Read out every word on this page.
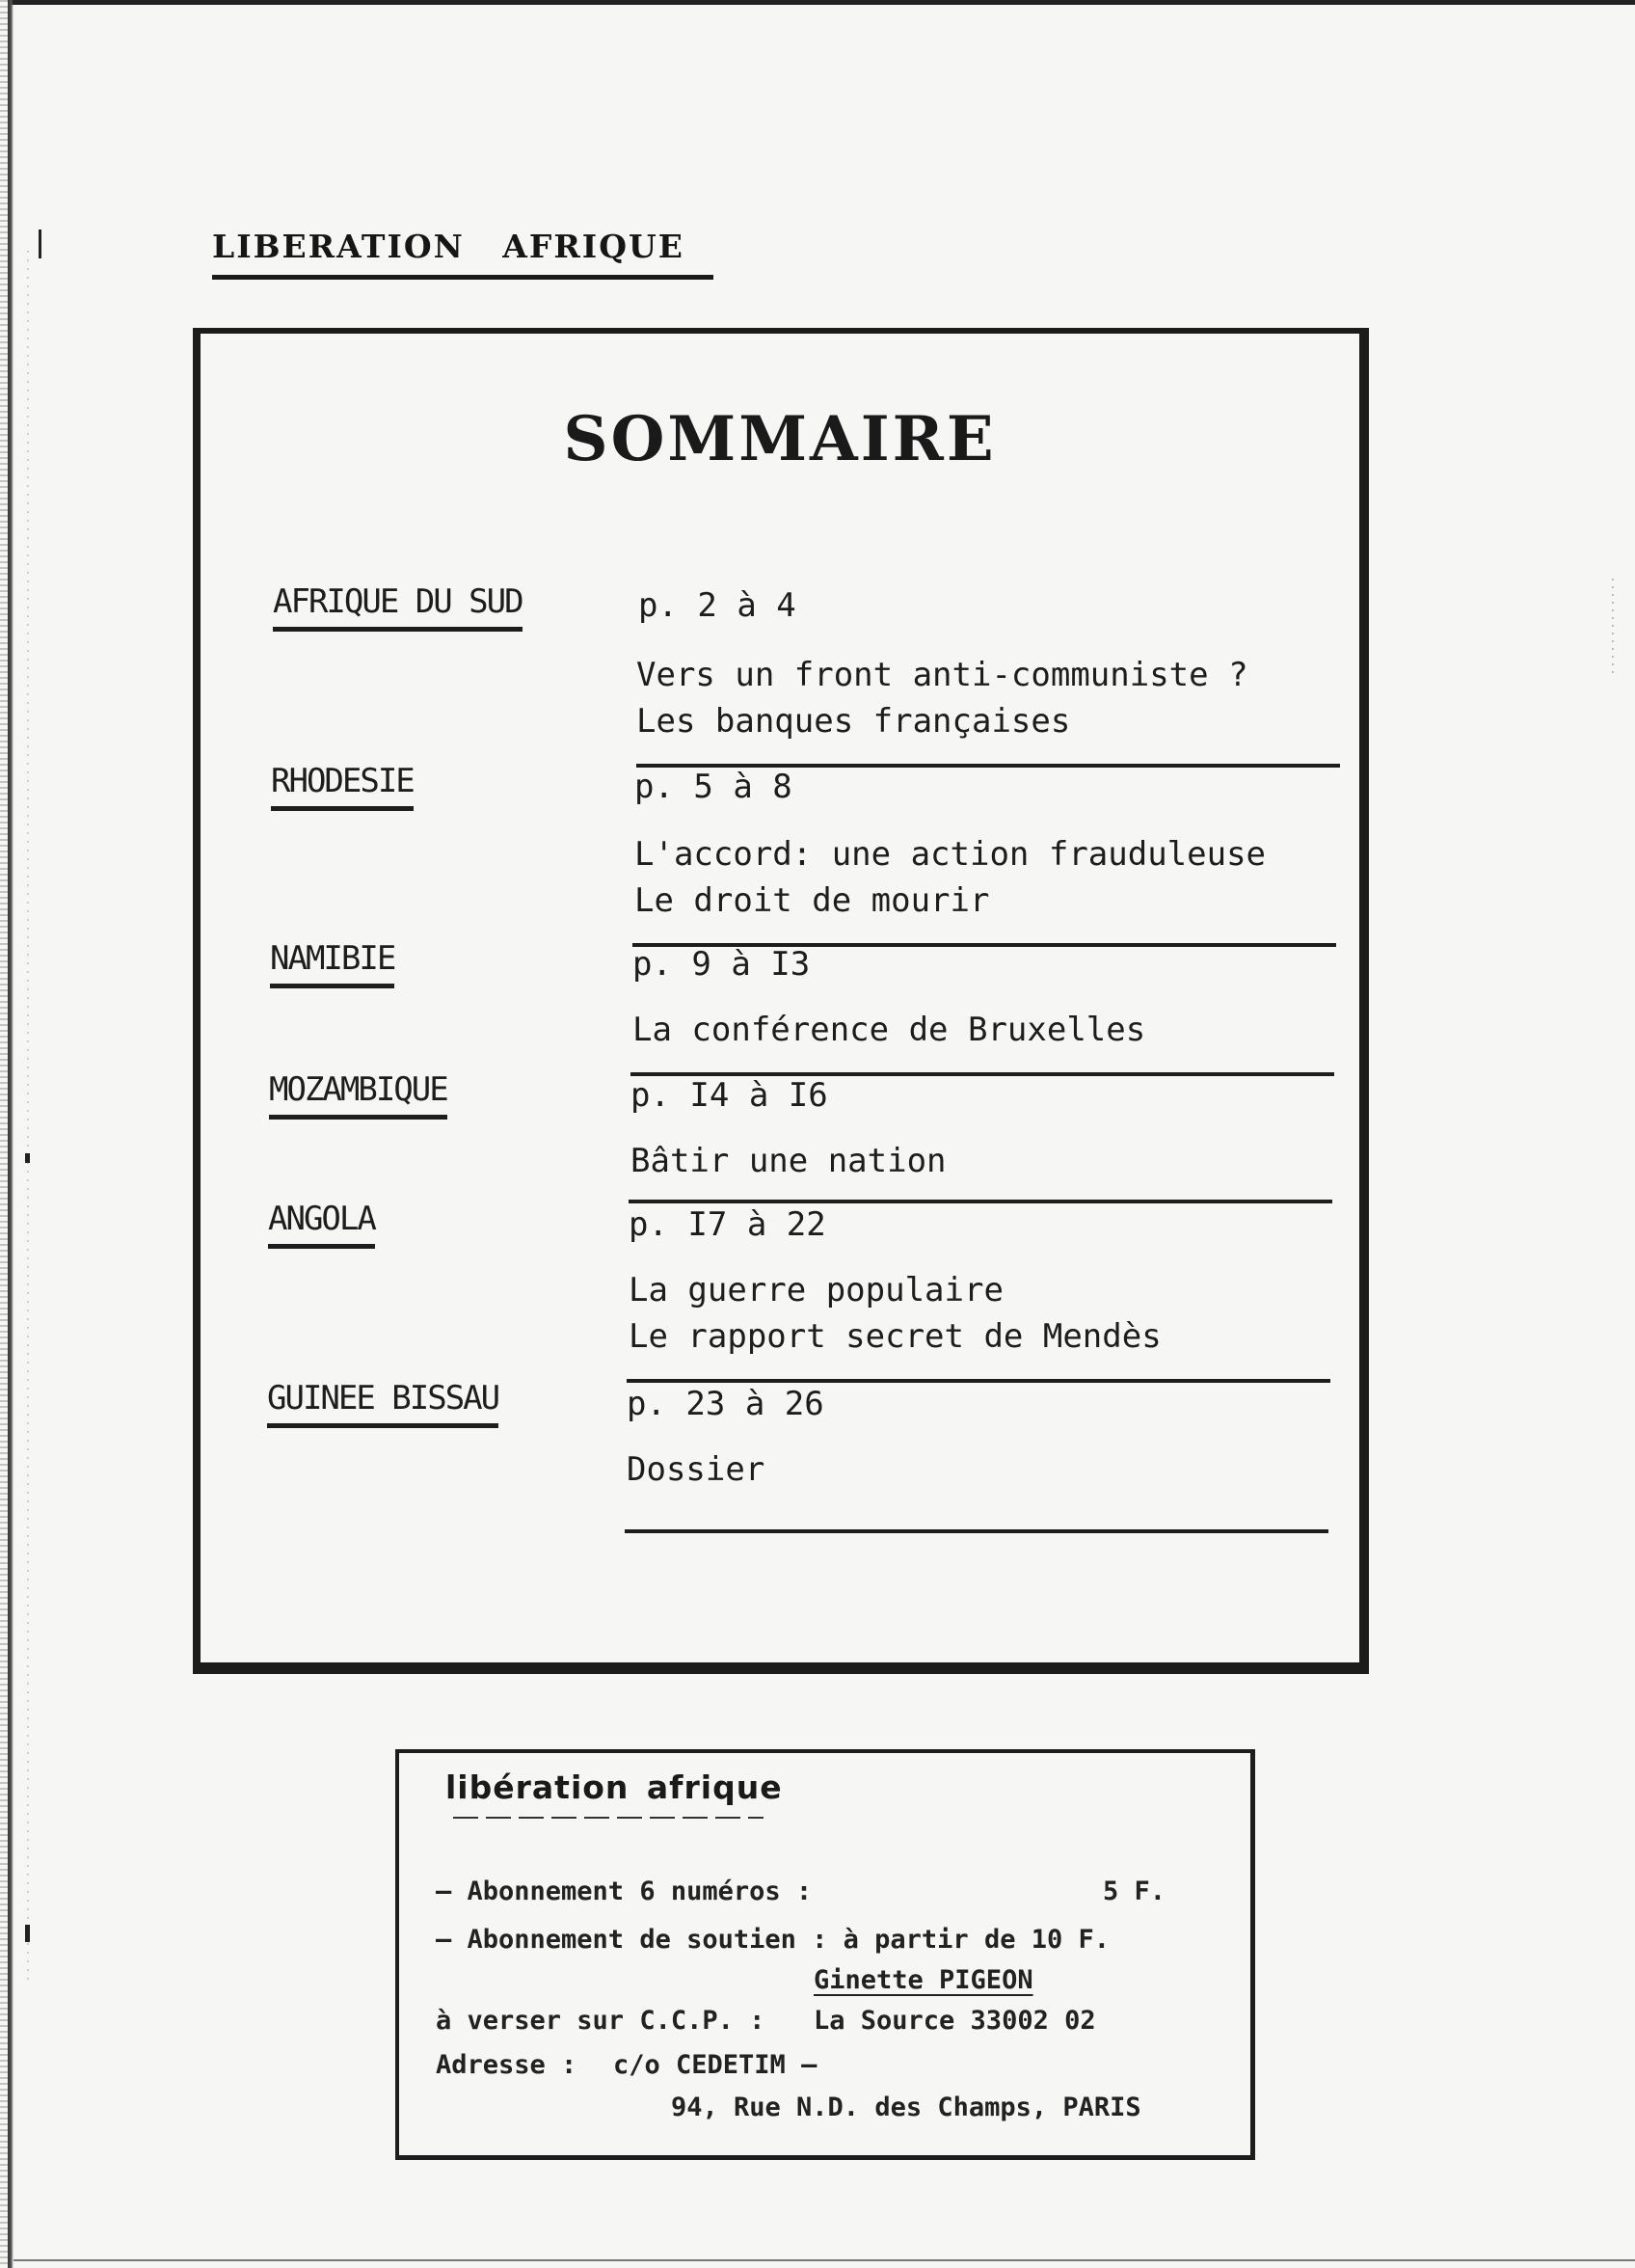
LIBERATION AFRIQUE
SOMMAIRE
AFRIQUE DU SUD	p. 2 à 4
Vers un front anti-communiste ?
Les banques françaises
RHODESIE	p. 5 à 8
L'accord: une action frauduleuse
Le droit de mourir
NAMIBIE	p. 9 à I3
La conférence de Bruxelles
MOZAMBIQUE	p. I4 à I6
Bâtir une nation
ANGOLA	p. I7 à 22
La guerre populaire
Le rapport secret de Mendès
GUINEE BISSAU	p. 23 à 26
Dossier
libération afrique
– Abonnement 6 numéros :	5 F.
– Abonnement de soutien : à partir de 10 F.
Ginette PIGEON
à verser sur C.C.P. : La Source 33002 02
Adresse : c/o CEDETIM –
94, Rue N.D. des Champs, PARIS
